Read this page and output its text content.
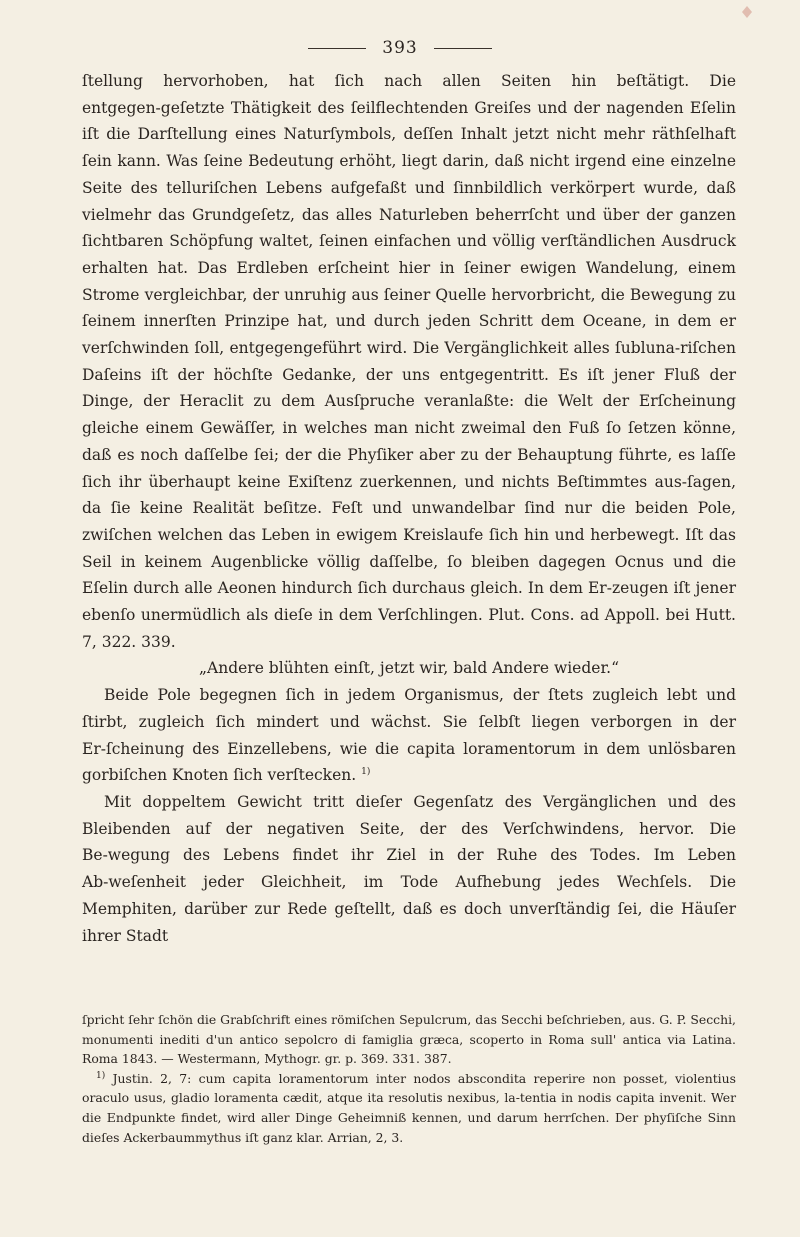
393

ſtellung hervorhoben, hat ſich nach allen Seiten hin beſtätigt. Die entgegen‑geſetzte Thätigkeit des ſeilflechtenden Greiſes und der nagenden Eſelin iſt die Darſtellung eines Naturſymbols, deſſen Inhalt jetzt nicht mehr räthſelhaft ſein kann. Was ſeine Bedeutung erhöht, liegt darin, daß nicht irgend eine einzelne Seite des telluriſchen Lebens aufgefaßt und ſinnbildlich verkörpert wurde, daß vielmehr das Grundgeſetz, das alles Naturleben beherrſcht und über der ganzen ſichtbaren Schöpfung waltet, ſeinen einfachen und völlig verſtändlichen Ausdruck erhalten hat. Das Erdleben erſcheint hier in ſeiner ewigen Wandelung, einem Strome vergleichbar, der unruhig aus ſeiner Quelle hervorbricht, die Bewegung zu ſeinem innerſten Prinzipe hat, und durch jeden Schritt dem Oceane, in dem er verſchwinden ſoll, entgegengeführt wird. Die Vergänglichkeit alles ſubluna‑riſchen Daſeins iſt der höchſte Gedanke, der uns entgegentritt. Es iſt jener Fluß der Dinge, der Heraclit zu dem Ausſpruche veranlaßte: die Welt der Erſcheinung gleiche einem Gewäſſer, in welches man nicht zweimal den Fuß ſo ſetzen könne, daß es noch daſſelbe ſei; der die Phyſiker aber zu der Behauptung führte, es laſſe ſich ihr überhaupt keine Exiſtenz zuerkennen, und nichts Beſtimmtes aus‑ſagen, da ſie keine Realität beſitze. Feſt und unwandelbar ſind nur die beiden Pole, zwiſchen welchen das Leben in ewigem Kreislaufe ſich hin und herbewegt. Iſt das Seil in keinem Augenblicke völlig daſſelbe, ſo bleiben dagegen Ocnus und die Eſelin durch alle Aeonen hindurch ſich durchaus gleich. In dem Er‑zeugen iſt jener ebenſo unermüdlich als dieſe in dem Verſchlingen. Plut. Cons. ad Appoll. bei Hutt. 7, 322. 339.

„Andere blühten einſt, jetzt wir, bald Andere wieder.“

Beide Pole begegnen ſich in jedem Organismus, der ſtets zugleich lebt und ſtirbt, zugleich ſich mindert und wächst. Sie ſelbſt liegen verborgen in der Er‑ſcheinung des Einzellebens, wie die capita loramentorum in dem unlösbaren gorbiſchen Knoten ſich verſtecken. $^{1)}$

Mit doppeltem Gewicht tritt dieſer Gegenſatz des Vergänglichen und des Bleibenden auf der negativen Seite, der des Verſchwindens, hervor. Die Be‑wegung des Lebens findet ihr Ziel in der Ruhe des Todes. Im Leben Ab‑weſenheit jeder Gleichheit, im Tode Aufhebung jedes Wechſels. Die Memphiten, darüber zur Rede geſtellt, daß es doch unverſtändig ſei, die Häuſer ihrer Stadt

ſpricht ſehr ſchön die Grabſchrift eines römiſchen Sepulcrum, das Secchi beſchrieben, aus. G. P. Secchi, monumenti inediti d'un antico sepolcro di famiglia græca, scoperto in Roma sull' antica via Latina. Roma 1843. — Westermann, Mythogr. gr. p. 369. 331. 387.

$^{1)}$ Justin. 2, 7: cum capita loramentorum inter nodos abscondita reperire non posset, violentius oraculo usus, gladio loramenta cædit, atque ita resolutis nexibus, la‑tentia in nodis capita invenit. Wer die Endpunkte findet, wird aller Dinge Geheimniß kennen, und darum herrſchen. Der phyſiſche Sinn dieſes Ackerbaummythus iſt ganz klar. Arrian, 2, 3.
